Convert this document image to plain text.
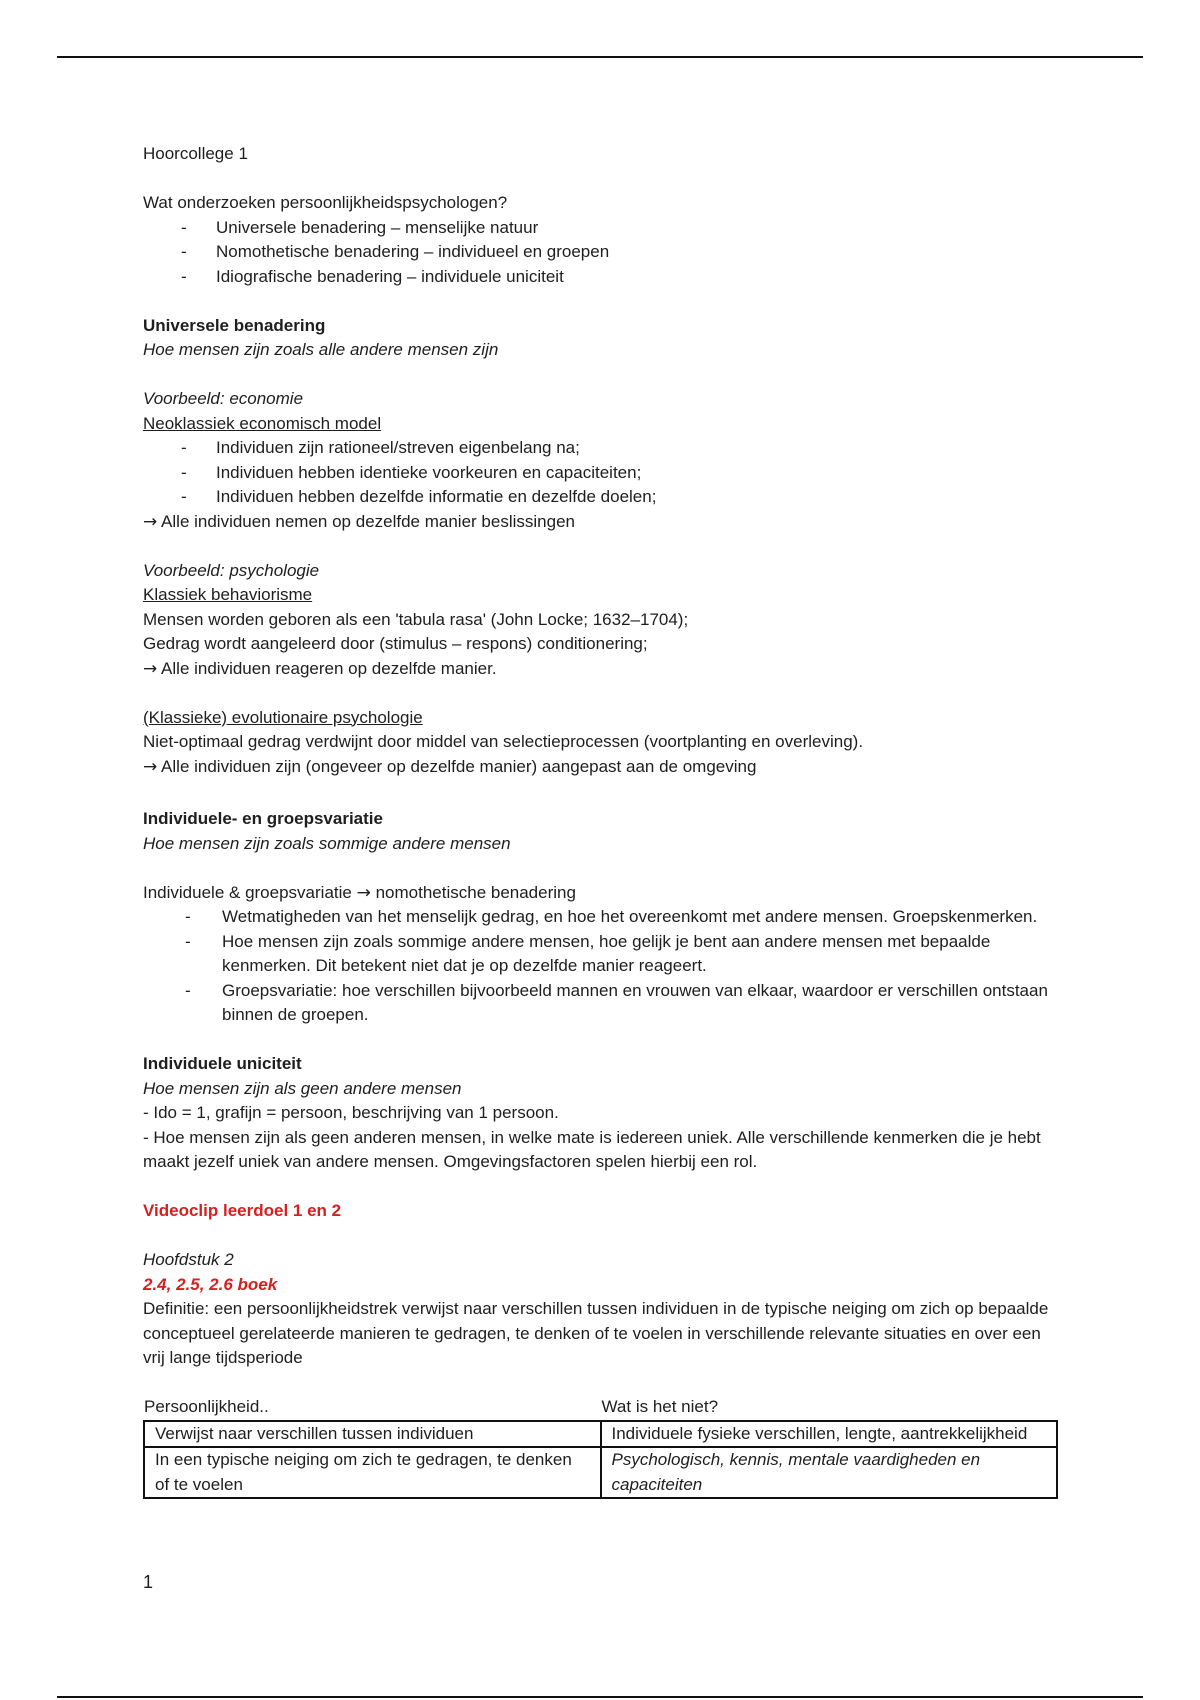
Hoorcollege 1

Wat onderzoeken persoonlijkheidspsychologen?

- Universele benadering – menselijke natuur
- Nomothetische benadering – individueel en groepen
- Idiografische benadering – individuele uniciteit

Universele benadering

Hoe mensen zijn zoals alle andere mensen zijn

Voorbeeld: economie

Neoklassiek economisch model

- Individuen zijn rationeel/streven eigenbelang na;
- Individuen hebben identieke voorkeuren en capaciteiten;
- Individuen hebben dezelfde informatie en dezelfde doelen;

→ Alle individuen nemen op dezelfde manier beslissingen

Voorbeeld: psychologie

Klassiek behaviorisme

Mensen worden geboren als een 'tabula rasa' (John Locke; 1632–1704);

Gedrag wordt aangeleerd door (stimulus – respons) conditionering;

→ Alle individuen reageren op dezelfde manier.

(Klassieke) evolutionaire psychologie

Niet-optimaal gedrag verdwijnt door middel van selectieprocessen (voortplanting en overleving).

→ Alle individuen zijn (ongeveer op dezelfde manier) aangepast aan de omgeving

Individuele- en groepsvariatie

Hoe mensen zijn zoals sommige andere mensen

Individuele & groepsvariatie → nomothetische benadering

- Wetmatigheden van het menselijk gedrag, en hoe het overeenkomt met andere mensen. Groepskenmerken.
- Hoe mensen zijn zoals sommige andere mensen, hoe gelijk je bent aan andere mensen met bepaalde kenmerken. Dit betekent niet dat je op dezelfde manier reageert.
- Groepsvariatie: hoe verschillen bijvoorbeeld mannen en vrouwen van elkaar, waardoor er verschillen ontstaan binnen de groepen.

Individuele uniciteit

Hoe mensen zijn als geen andere mensen

- Ido = 1, grafijn = persoon, beschrijving van 1 persoon.

- Hoe mensen zijn als geen anderen mensen, in welke mate is iedereen uniek. Alle verschillende kenmerken die je hebt maakt jezelf uniek van andere mensen. Omgevingsfactoren spelen hierbij een rol.

Videoclip leerdoel 1 en 2

Hoofdstuk 2

2.4, 2.5, 2.6 boek

Definitie: een persoonlijkheidstrek verwijst naar verschillen tussen individuen in de typische neiging om zich op bepaalde conceptueel gerelateerde manieren te gedragen, te denken of te voelen in verschillende relevante situaties en over een vrij lange tijdsperiode

Persoonlijkheid..	Wat is het niet?
Verwijst naar verschillen tussen individuen	Individuele fysieke verschillen, lengte, aantrekkelijkheid
In een typische neiging om zich te gedragen, te denken of te voelen	Psychologisch, kennis, mentale vaardigheden en capaciteiten
1
